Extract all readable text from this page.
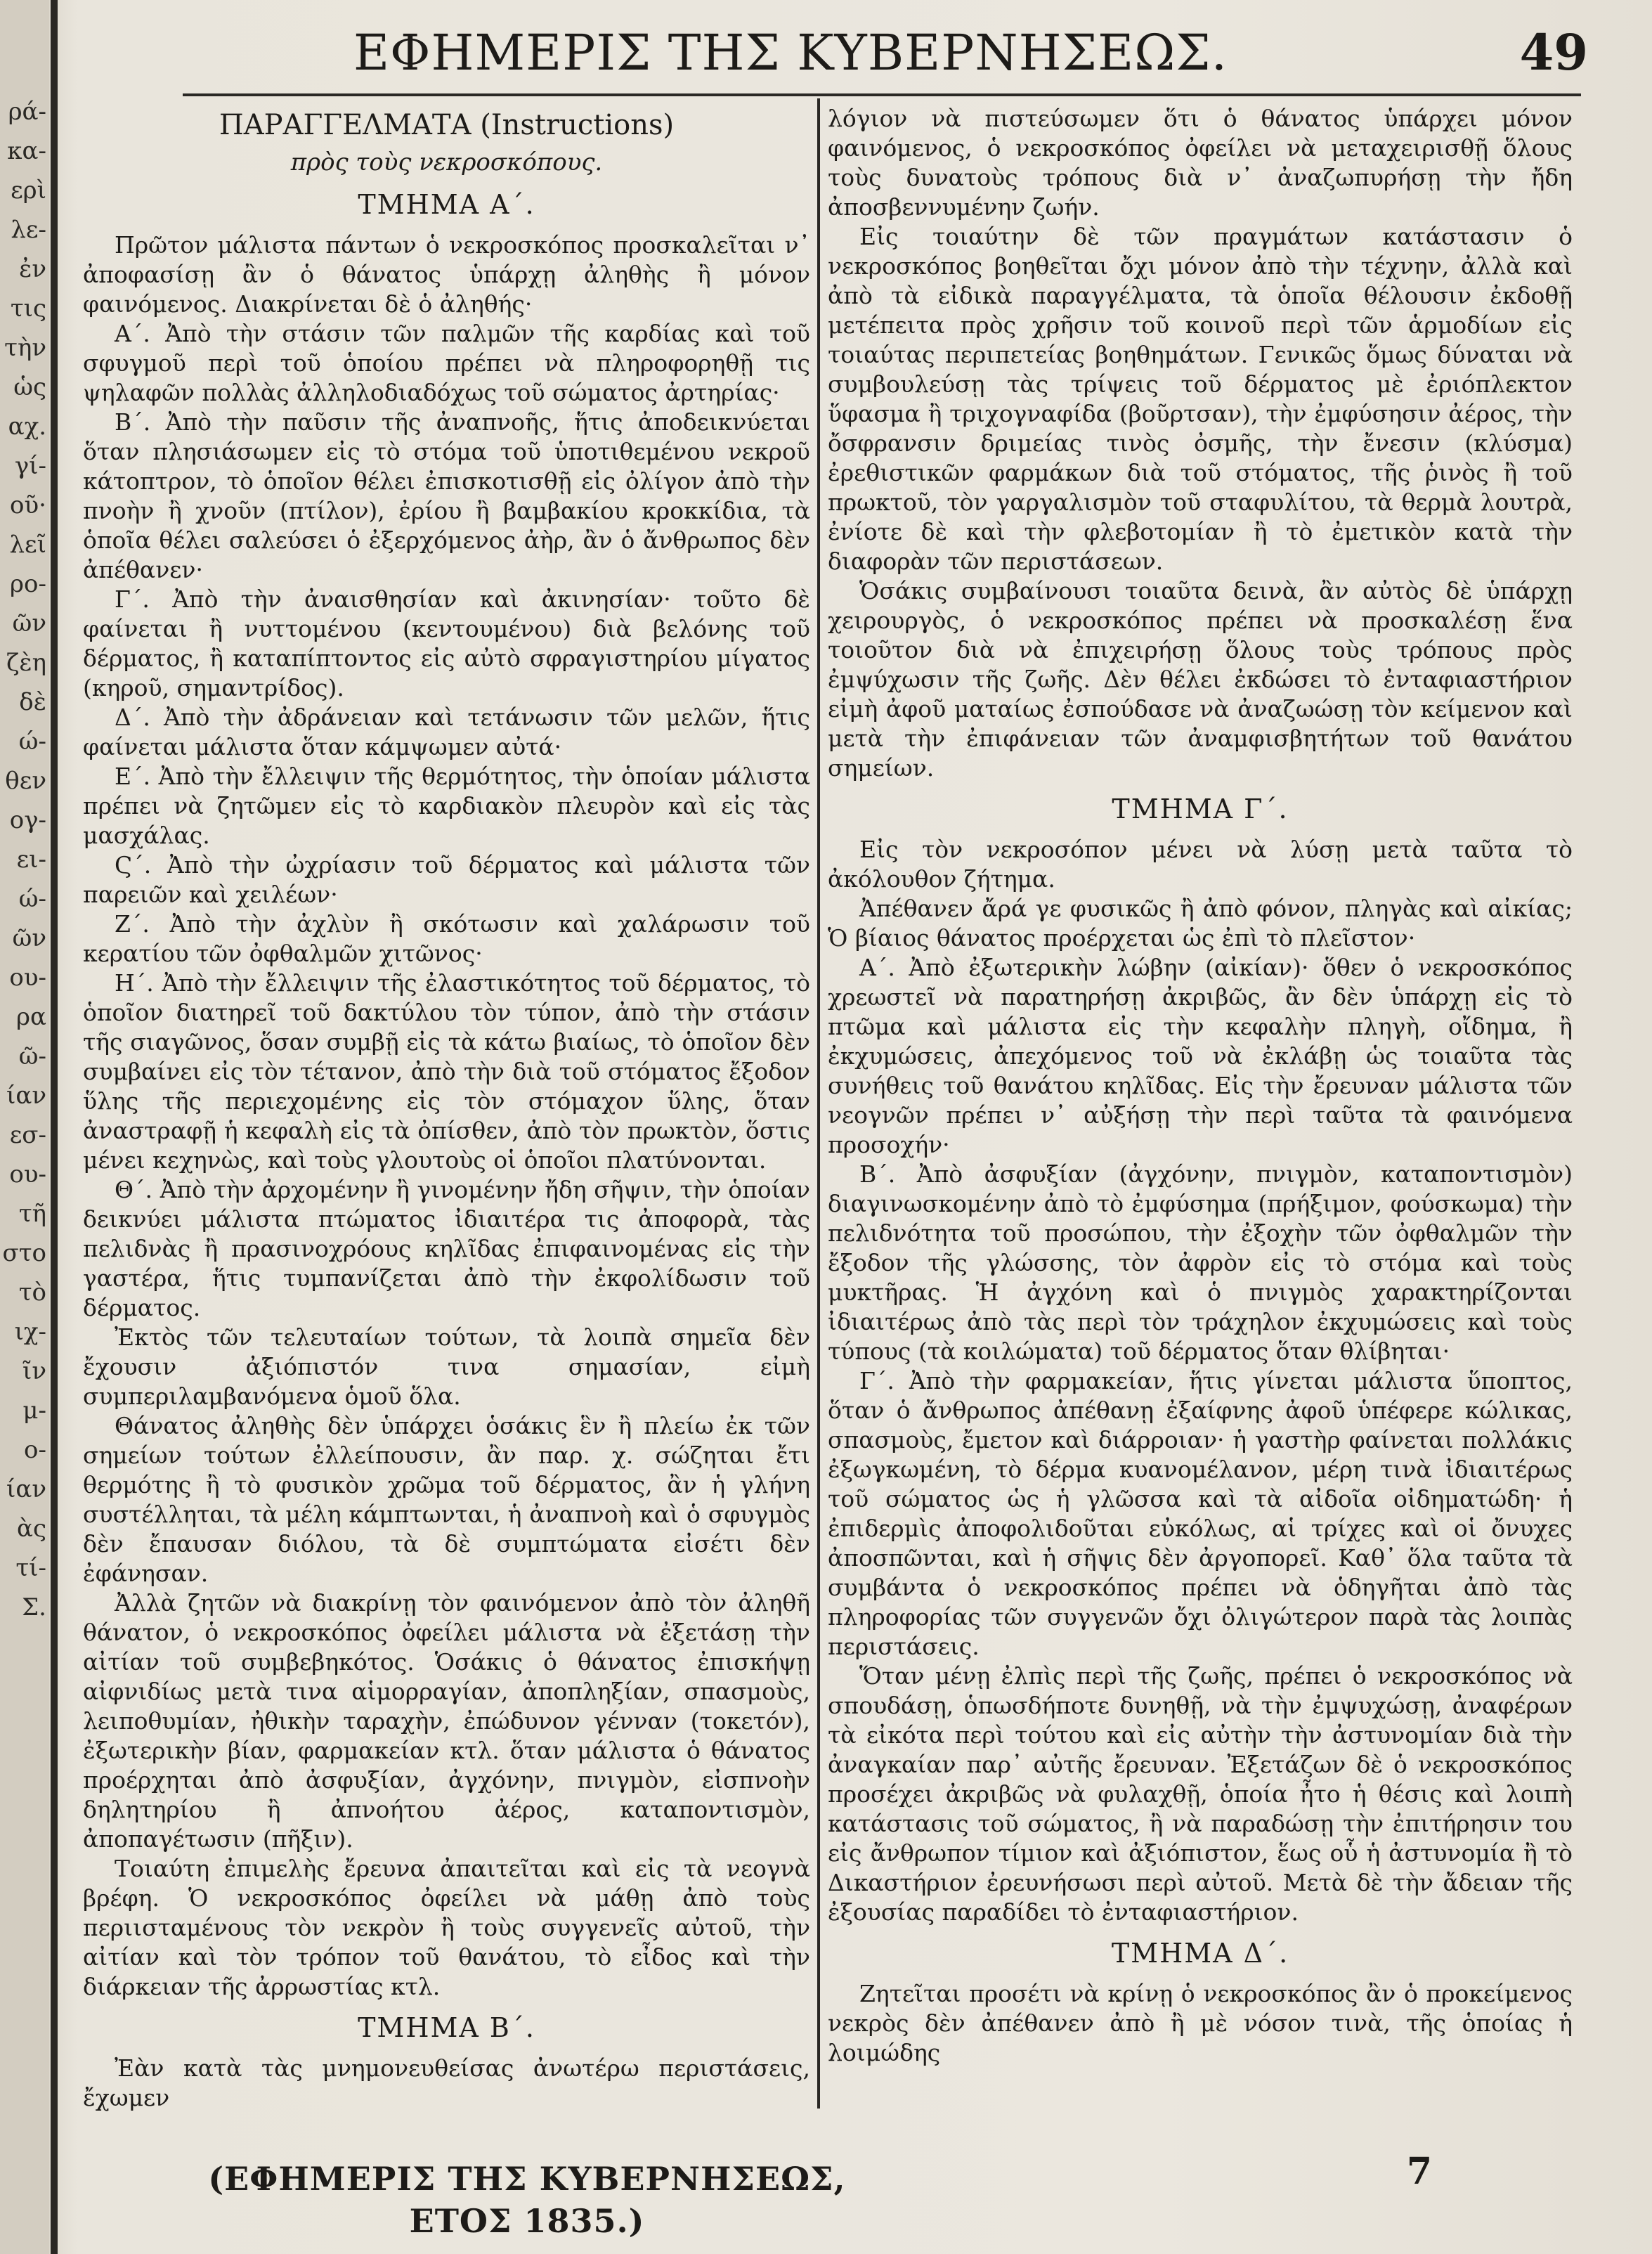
ρά-
κα-
ερὶ
λε-
ἐν
τις
τὴν
ὡς
αχ.
γί-
οῦ·
λεῖ
ρο-
ῶν
ζὲη
δὲ
ώ-
θεν
ογ-
ει-
ώ-
ῶν
ου-
ρα
ῶ-
ίαν
εσ-
ου-
τῆ
στο
τὸ
ιχ-
ῖν
μ-
ο-
ίαν
ὰς
τί-
Σ.
ΕΦΗΜΕΡΙΣ ΤΗΣ ΚΥΒΕΡΝΗΣΕΩΣ.	49

ΠΑΡΑΓΓΕΛΜΑΤΑ (Instructions)

πρὸς τοὺς νεκροσκόπους.

ΤΜΗΜΑ Α΄.

Πρῶτον μάλιστα πάντων ὁ νεκροσκόπος προσκαλεῖται ν᾽ ἀποφασίσῃ ἂν ὁ θάνατος ὑπάρχῃ ἀληθὴς ἢ μόνον φαινόμενος. Διακρίνεται δὲ ὁ ἀληθής·

Α΄. Ἀπὸ τὴν στάσιν τῶν παλμῶν τῆς καρδίας καὶ τοῦ σφυγμοῦ περὶ τοῦ ὁποίου πρέπει νὰ πληροφορηθῇ τις ψηλαφῶν πολλὰς ἀλληλοδιαδόχως τοῦ σώματος ἀρτηρίας·

Β΄. Ἀπὸ τὴν παῦσιν τῆς ἀναπνοῆς, ἥτις ἀποδεικνύεται ὅταν πλησιάσωμεν εἰς τὸ στόμα τοῦ ὑποτιθεμένου νεκροῦ κάτοπτρον, τὸ ὁποῖον θέλει ἐπισκοτισθῇ εἰς ὀλίγον ἀπὸ τὴν πνοὴν ἢ χνοῦν (πτίλον), ἐρίου ἢ βαμβακίου κροκκίδια, τὰ ὁποῖα θέλει σαλεύσει ὁ ἐξερχόμενος ἀὴρ, ἂν ὁ ἄνθρωπος δὲν ἀπέθανεν·

Γ΄. Ἀπὸ τὴν ἀναισθησίαν καὶ ἀκινησίαν· τοῦτο δὲ φαίνεται ἢ νυττομένου (κεντουμένου) διὰ βελόνης τοῦ δέρματος, ἢ καταπίπτοντος εἰς αὐτὸ σφραγιστηρίου μίγατος (κηροῦ, σημαντρίδος).

Δ΄. Ἀπὸ τὴν ἀδράνειαν καὶ τετάνωσιν τῶν μελῶν, ἥτις φαίνεται μάλιστα ὅταν κάμψωμεν αὐτά·

Ε΄. Ἀπὸ τὴν ἔλλειψιν τῆς θερμότητος, τὴν ὁποίαν μάλιστα πρέπει νὰ ζητῶμεν εἰς τὸ καρδιακὸν πλευρὸν καὶ εἰς τὰς μασχάλας.

Ϛ΄. Ἀπὸ τὴν ὠχρίασιν τοῦ δέρματος καὶ μάλιστα τῶν παρειῶν καὶ χειλέων·

Ζ΄. Ἀπὸ τὴν ἀχλὺν ἢ σκότωσιν καὶ χαλάρωσιν τοῦ κερατίου τῶν ὀφθαλμῶν χιτῶνος·

Η΄. Ἀπὸ τὴν ἔλλειψιν τῆς ἐλαστικότητος τοῦ δέρματος, τὸ ὁποῖον διατηρεῖ τοῦ δακτύλου τὸν τύπον, ἀπὸ τὴν στάσιν τῆς σιαγῶνος, ὅσαν συμβῇ εἰς τὰ κάτω βιαίως, τὸ ὁποῖον δὲν συμβαίνει εἰς τὸν τέτανον, ἀπὸ τὴν διὰ τοῦ στόματος ἔξοδον ὕλης τῆς περιεχομένης εἰς τὸν στόμαχον ὕλης, ὅταν ἀναστραφῇ ἡ κεφαλὴ εἰς τὰ ὀπίσθεν, ἀπὸ τὸν πρωκτὸν, ὅστις μένει κεχηνὼς, καὶ τοὺς γλουτοὺς οἱ ὁποῖοι πλατύνονται.

Θ΄. Ἀπὸ τὴν ἀρχομένην ἢ γινομένην ἤδη σῆψιν, τὴν ὁποίαν δεικνύει μάλιστα πτώματος ἰδιαιτέρα τις ἀποφορὰ, τὰς πελιδνὰς ἢ πρασινοχρόους κηλῖδας ἐπιφαινομένας εἰς τὴν γαστέρα, ἥτις τυμπανίζεται ἀπὸ τὴν ἐκφολίδωσιν τοῦ δέρματος.

Ἐκτὸς τῶν τελευταίων τούτων, τὰ λοιπὰ σημεῖα δὲν ἔχουσιν ἀξιόπιστόν τινα σημασίαν, εἰμὴ συμπεριλαμβανόμενα ὁμοῦ ὅλα.

Θάνατος ἀληθὴς δὲν ὑπάρχει ὁσάκις ἓν ἢ πλείω ἐκ τῶν σημείων τούτων ἐλλείπουσιν, ἂν παρ. χ. σώζηται ἔτι θερμότης ἢ τὸ φυσικὸν χρῶμα τοῦ δέρματος, ἂν ἡ γλήνη συστέλληται, τὰ μέλη κάμπτωνται, ἡ ἀναπνοὴ καὶ ὁ σφυγμὸς δὲν ἔπαυσαν διόλου, τὰ δὲ συμπτώματα εἰσέτι δὲν ἐφάνησαν.

Ἀλλὰ ζητῶν νὰ διακρίνῃ τὸν φαινόμενον ἀπὸ τὸν ἀληθῆ θάνατον, ὁ νεκροσκόπος ὀφείλει μάλιστα νὰ ἐξετάσῃ τὴν αἰτίαν τοῦ συμβεβηκότος. Ὁσάκις ὁ θάνατος ἐπισκήψῃ αἰφνιδίως μετὰ τινα αἱμορραγίαν, ἀποπληξίαν, σπασμοὺς, λειποθυμίαν, ἠθικὴν ταραχὴν, ἐπώδυνον γένναν (τοκετόν), ἐξωτερικὴν βίαν, φαρμακείαν κτλ. ὅταν μάλιστα ὁ θάνατος προέρχηται ἀπὸ ἀσφυξίαν, ἀγχόνην, πνιγμὸν, εἰσπνοὴν δηλητηρίου ἢ ἀπνοήτου ἀέρος, καταποντισμὸν, ἀποπαγέτωσιν (πῆξιν).

Τοιαύτη ἐπιμελὴς ἔρευνα ἀπαιτεῖται καὶ εἰς τὰ νεογνὰ βρέφη. Ὁ νεκροσκόπος ὀφείλει νὰ μάθῃ ἀπὸ τοὺς περιισταμένους τὸν νεκρὸν ἢ τοὺς συγγενεῖς αὐτοῦ, τὴν αἰτίαν καὶ τὸν τρόπον τοῦ θανάτου, τὸ εἶδος καὶ τὴν διάρκειαν τῆς ἀρρωστίας κτλ.

ΤΜΗΜΑ Β΄.

Ἐὰν κατὰ τὰς μνημονευθείσας ἀνωτέρω περιστάσεις, ἔχωμεν

λόγιον νὰ πιστεύσωμεν ὅτι ὁ θάνατος ὑπάρχει μόνον φαινόμενος, ὁ νεκροσκόπος ὀφείλει νὰ μεταχειρισθῇ ὅλους τοὺς δυνατοὺς τρόπους διὰ ν᾽ ἀναζωπυρήσῃ τὴν ἤδη ἀποσβεννυμένην ζωήν.

Εἰς τοιαύτην δὲ τῶν πραγμάτων κατάστασιν ὁ νεκροσκόπος βοηθεῖται ὄχι μόνον ἀπὸ τὴν τέχνην, ἀλλὰ καὶ ἀπὸ τὰ εἰδικὰ παραγγέλματα, τὰ ὁποῖα θέλουσιν ἐκδοθῇ μετέπειτα πρὸς χρῆσιν τοῦ κοινοῦ περὶ τῶν ἁρμοδίων εἰς τοιαύτας περιπετείας βοηθημάτων. Γενικῶς ὅμως δύναται νὰ συμβουλεύσῃ τὰς τρίψεις τοῦ δέρματος μὲ ἐριόπλεκτον ὕφασμα ἢ τριχογναφίδα (βοῦρτσαν), τὴν ἐμφύσησιν ἀέρος, τὴν ὄσφρανσιν δριμείας τινὸς ὀσμῆς, τὴν ἔνεσιν (κλύσμα) ἐρεθιστικῶν φαρμάκων διὰ τοῦ στόματος, τῆς ῥινὸς ἢ τοῦ πρωκτοῦ, τὸν γαργαλισμὸν τοῦ σταφυλίτου, τὰ θερμὰ λουτρὰ, ἐνίοτε δὲ καὶ τὴν φλεβοτομίαν ἢ τὸ ἐμετικὸν κατὰ τὴν διαφορὰν τῶν περιστάσεων.

Ὁσάκις συμβαίνουσι τοιαῦτα δεινὰ, ἂν αὐτὸς δὲ ὑπάρχῃ χειρουργὸς, ὁ νεκροσκόπος πρέπει νὰ προσκαλέσῃ ἕνα τοιοῦτον διὰ νὰ ἐπιχειρήσῃ ὅλους τοὺς τρόπους πρὸς ἐμψύχωσιν τῆς ζωῆς. Δὲν θέλει ἐκδώσει τὸ ἐνταφιαστήριον εἰμὴ ἀφοῦ ματαίως ἐσπούδασε νὰ ἀναζωώσῃ τὸν κείμενον καὶ μετὰ τὴν ἐπιφάνειαν τῶν ἀναμφισβητήτων τοῦ θανάτου σημείων.

ΤΜΗΜΑ Γ΄.

Εἰς τὸν νεκροσόπον μένει νὰ λύσῃ μετὰ ταῦτα τὸ ἀκόλουθον ζήτημα.

Ἀπέθανεν ἄρά γε φυσικῶς ἢ ἀπὸ φόνον, πληγὰς καὶ αἰκίας; Ὁ βίαιος θάνατος προέρχεται ὡς ἐπὶ τὸ πλεῖστον·

Α΄. Ἀπὸ ἐξωτερικὴν λώβην (αἰκίαν)· ὅθεν ὁ νεκροσκόπος χρεωστεῖ νὰ παρατηρήσῃ ἀκριβῶς, ἂν δὲν ὑπάρχῃ εἰς τὸ πτῶμα καὶ μάλιστα εἰς τὴν κεφαλὴν πληγὴ, οἴδημα, ἢ ἐκχυμώσεις, ἀπεχόμενος τοῦ νὰ ἐκλάβῃ ὡς τοιαῦτα τὰς συνήθεις τοῦ θανάτου κηλῖδας. Εἰς τὴν ἔρευναν μάλιστα τῶν νεογνῶν πρέπει ν᾽ αὐξήσῃ τὴν περὶ ταῦτα τὰ φαινόμενα προσοχήν·

Β΄. Ἀπὸ ἀσφυξίαν (ἀγχόνην, πνιγμὸν, καταποντισμὸν) διαγινωσκομένην ἀπὸ τὸ ἐμφύσημα (πρήξιμον, φούσκωμα) τὴν πελιδνότητα τοῦ προσώπου, τὴν ἐξοχὴν τῶν ὀφθαλμῶν τὴν ἔξοδον τῆς γλώσσης, τὸν ἀφρὸν εἰς τὸ στόμα καὶ τοὺς μυκτῆρας. Ἡ ἀγχόνη καὶ ὁ πνιγμὸς χαρακτηρίζονται ἰδιαιτέρως ἀπὸ τὰς περὶ τὸν τράχηλον ἐκχυμώσεις καὶ τοὺς τύπους (τὰ κοιλώματα) τοῦ δέρματος ὅταν θλίβηται·

Γ΄. Ἀπὸ τὴν φαρμακείαν, ἥτις γίνεται μάλιστα ὕποπτος, ὅταν ὁ ἄνθρωπος ἀπέθανῃ ἐξαίφνης ἀφοῦ ὑπέφερε κώλικας, σπασμοὺς, ἔμετον καὶ διάρροιαν· ἡ γαστὴρ φαίνεται πολλάκις ἐξωγκωμένη, τὸ δέρμα κυανομέλανον, μέρη τινὰ ἰδιαιτέρως τοῦ σώματος ὡς ἡ γλῶσσα καὶ τὰ αἰδοῖα οἰδηματώδη· ἡ ἐπιδερμὶς ἀποφολιδοῦται εὐκόλως, αἱ τρίχες καὶ οἱ ὄνυχες ἀποσπῶνται, καὶ ἡ σῆψις δὲν ἀργοπορεῖ. Καθ᾽ ὅλα ταῦτα τὰ συμβάντα ὁ νεκροσκόπος πρέπει νὰ ὁδηγῆται ἀπὸ τὰς πληροφορίας τῶν συγγενῶν ὄχι ὀλιγώτερον παρὰ τὰς λοιπὰς περιστάσεις.

Ὅταν μένῃ ἐλπὶς περὶ τῆς ζωῆς, πρέπει ὁ νεκροσκόπος νὰ σπουδάσῃ, ὁπωσδήποτε δυνηθῇ, νὰ τὴν ἐμψυχώσῃ, ἀναφέρων τὰ εἰκότα περὶ τούτου καὶ εἰς αὐτὴν τὴν ἀστυνομίαν διὰ τὴν ἀναγκαίαν παρ᾽ αὐτῆς ἔρευναν. Ἐξετάζων δὲ ὁ νεκροσκόπος προσέχει ἀκριβῶς νὰ φυλαχθῇ, ὁποία ἦτο ἡ θέσις καὶ λοιπὴ κατάστασις τοῦ σώματος, ἢ νὰ παραδώσῃ τὴν ἐπιτήρησιν του εἰς ἄνθρωπον τίμιον καὶ ἀξιόπιστον, ἕως οὗ ἡ ἀστυνομία ἢ τὸ Δικαστήριον ἐρευνήσωσι περὶ αὐτοῦ. Μετὰ δὲ τὴν ἄδειαν τῆς ἐξουσίας παραδίδει τὸ ἐνταφιαστήριον.

ΤΜΗΜΑ Δ΄.

Ζητεῖται προσέτι νὰ κρίνῃ ὁ νεκροσκόπος ἂν ὁ προκείμενος νεκρὸς δὲν ἀπέθανεν ἀπὸ ἢ μὲ νόσον τινὰ, τῆς ὁποίας ἡ λοιμώδης

(ΕΦΗΜΕΡΙΣ ΤΗΣ ΚΥΒΕΡΝΗΣΕΩΣ, ΕΤΟΣ 1835.)
7
